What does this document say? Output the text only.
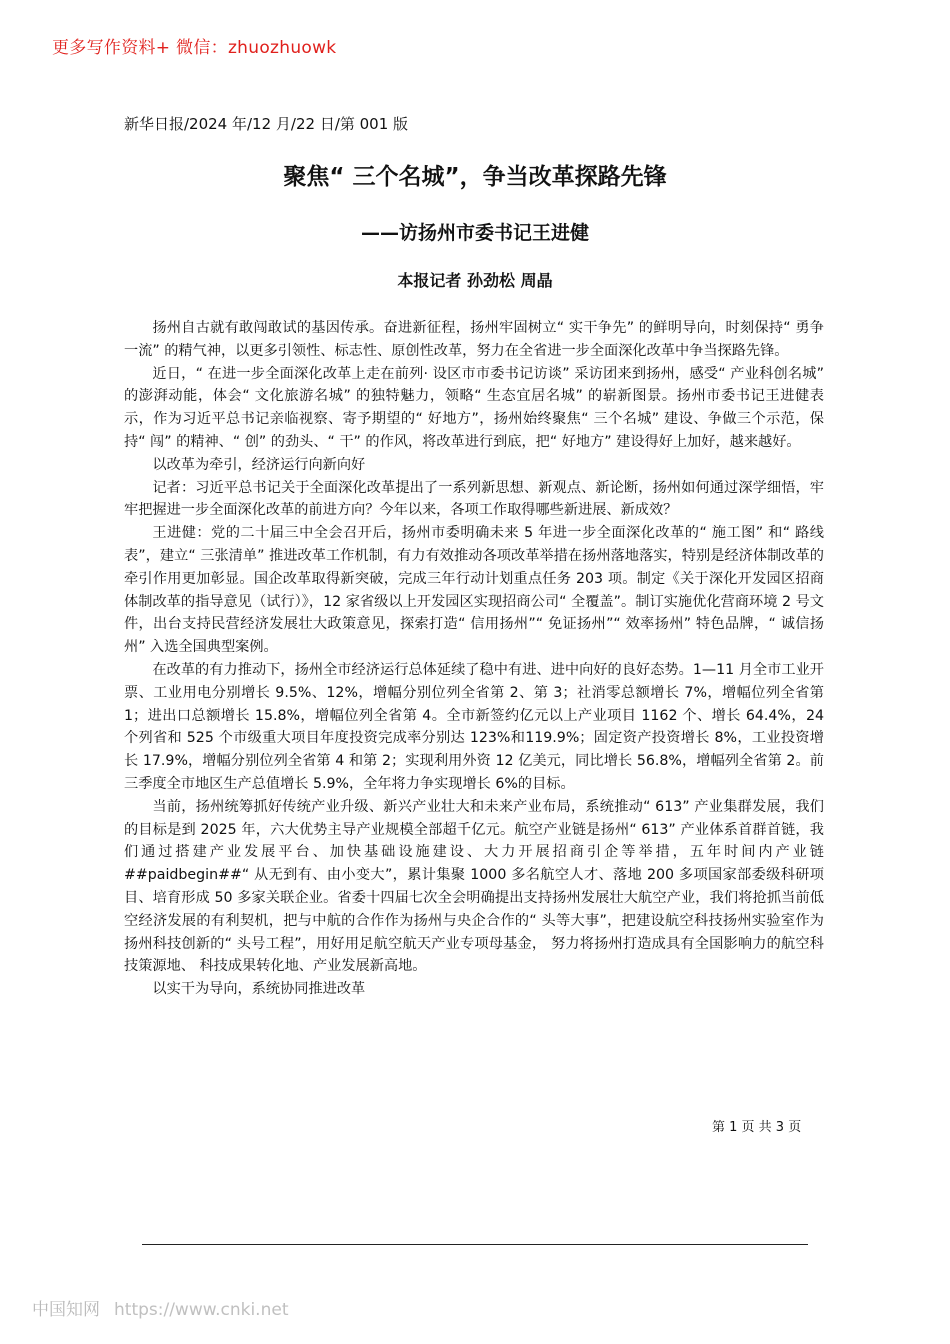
更多写作资料+ 微信：zhuozhuowk
新华日报/2024 年/12 月/22 日/第 001 版
聚焦“ 三个名城”，争当改革探路先锋
——访扬州市委书记王进健
本报记者 孙劲松 周晶

扬州自古就有敢闯敢试的基因传承。奋进新征程，扬州牢固树立“ 实干争先” 的鲜明导向，时刻保持“ 勇争一流” 的精气神，以更多引领性、标志性、原创性改革，努力在全省进一步全面深化改革中争当探路先锋。

近日，“ 在进一步全面深化改革上走在前列· 设区市市委书记访谈” 采访团来到扬州，感受“ 产业科创名城” 的澎湃动能，体会“ 文化旅游名城” 的独特魅力，领略“ 生态宜居名城” 的崭新图景。扬州市委书记王进健表示，作为习近平总书记亲临视察、寄予期望的“ 好地方”，扬州始终聚焦“ 三个名城” 建设、争做三个示范，保持“ 闯” 的精神、“ 创” 的劲头、“ 干” 的作风，将改革进行到底，把“ 好地方” 建设得好上加好，越来越好。

以改革为牵引，经济运行向新向好

记者：习近平总书记关于全面深化改革提出了一系列新思想、新观点、新论断，扬州如何通过深学细悟，牢牢把握进一步全面深化改革的前进方向？今年以来，各项工作取得哪些新进展、新成效？

王进健：党的二十届三中全会召开后，扬州市委明确未来 5 年进一步全面深化改革的“ 施工图” 和“ 路线表”，建立“ 三张清单” 推进改革工作机制，有力有效推动各项改革举措在扬州落地落实，特别是经济体制改革的牵引作用更加彰显。国企改革取得新突破，完成三年行动计划重点任务 203 项。制定《关于深化开发园区招商体制改革的指导意见（试行）》，12 家省级以上开发园区实现招商公司“ 全覆盖”。制订实施优化营商环境 2 号文件，出台支持民营经济发展壮大政策意见，探索打造“ 信用扬州”“ 免证扬州”“ 效率扬州” 特色品牌，“ 诚信扬州” 入选全国典型案例。

在改革的有力推动下，扬州全市经济运行总体延续了稳中有进、进中向好的良好态势。1—11 月全市工业开票、工业用电分别增长 9.5%、12%，增幅分别位列全省第 2、第 3；社消零总额增长 7%，增幅位列全省第 1；进出口总额增长 15.8%，增幅位列全省第 4。全市新签约亿元以上产业项目 1162 个、增长 64.4%，24 个列省和 525 个市级重大项目年度投资完成率分别达 123%和119.9%；固定资产投资增长 8%，工业投资增长 17.9%，增幅分别位列全省第 4 和第 2；实现利用外资 12 亿美元，同比增长 56.8%，增幅列全省第 2。前三季度全市地区生产总值增长 5.9%，全年将力争实现增长 6%的目标。

当前，扬州统筹抓好传统产业升级、新兴产业壮大和未来产业布局，系统推动“ 613” 产业集群发展，我们的目标是到 2025 年，六大优势主导产业规模全部超千亿元。航空产业链是扬州“ 613” 产业体系首群首链，我们通过搭建产业发展平台、加快基础设施建设、大力开展招商引企等举措，五年时间内产业链##paidbegin##“ 从无到有、由小变大”，累计集聚 1000 多名航空人才、落地 200 多项国家部委级科研项目、培育形成 50 多家关联企业。省委十四届七次全会明确提出支持扬州发展壮大航空产业，我们将抢抓当前低空经济发展的有利契机，把与中航的合作作为扬州与央企合作的“ 头等大事”，把建设航空科技扬州实验室作为扬州科技创新的“ 头号工程”，用好用足航空航天产业专项母基金， 努力将扬州打造成具有全国影响力的航空科技策源地、 科技成果转化地、产业发展新高地。

以实干为导向，系统协同推进改革

第 1 页 共 3 页
中国知网 https://www.cnki.net
